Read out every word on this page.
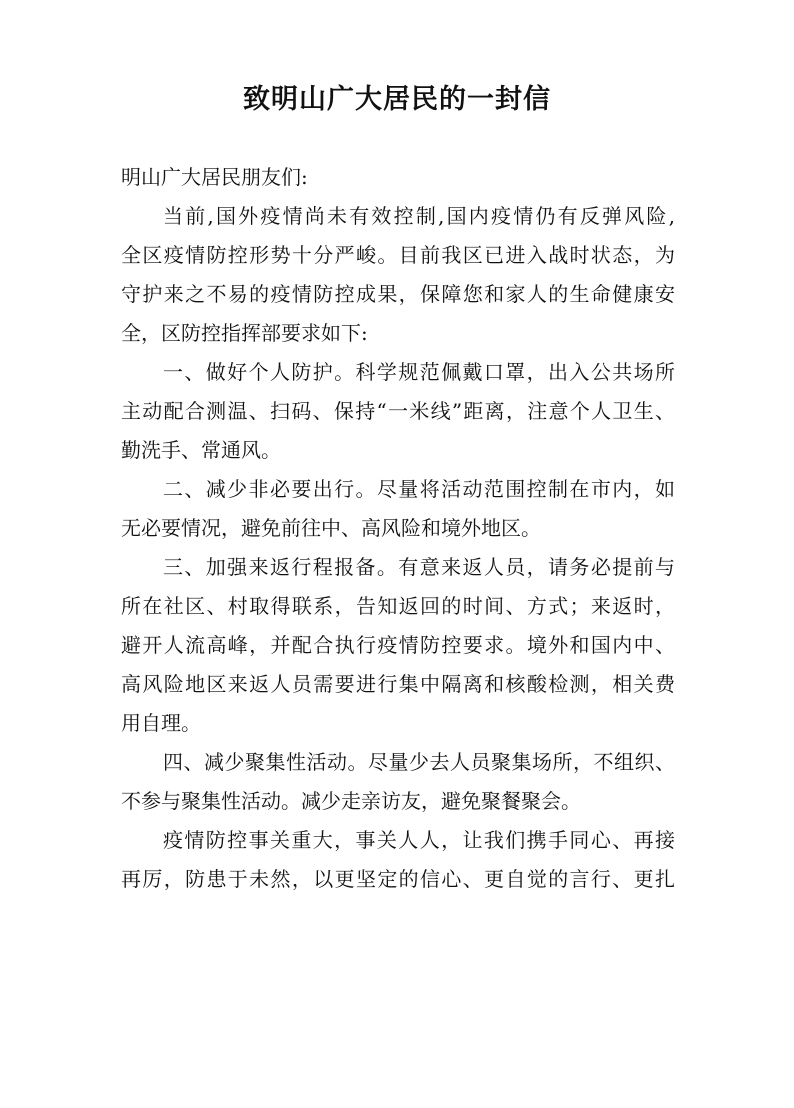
致明山广大居民的一封信
明山广大居民朋友们:
当前,国外疫情尚未有效控制,国内疫情仍有反弹风险,
全区疫情防控形势十分严峻。目前我区已进入战时状态，为
守护来之不易的疫情防控成果，保障您和家人的生命健康安
全，区防控指挥部要求如下:
一、做好个人防护。科学规范佩戴口罩，出入公共场所
主动配合测温、扫码、保持“一米线”距离，注意个人卫生、
勤洗手、常通风。
二、减少非必要出行。尽量将活动范围控制在市内，如
无必要情况，避免前往中、高风险和境外地区。
三、加强来返行程报备。有意来返人员，请务必提前与
所在社区、村取得联系，告知返回的时间、方式；来返时，
避开人流高峰，并配合执行疫情防控要求。境外和国内中、
高风险地区来返人员需要进行集中隔离和核酸检测，相关费
用自理。
四、减少聚集性活动。尽量少去人员聚集场所，不组织、
不参与聚集性活动。减少走亲访友，避免聚餐聚会。
疫情防控事关重大，事关人人，让我们携手同心、再接
再厉，防患于未然，以更坚定的信心、更自觉的言行、更扎
